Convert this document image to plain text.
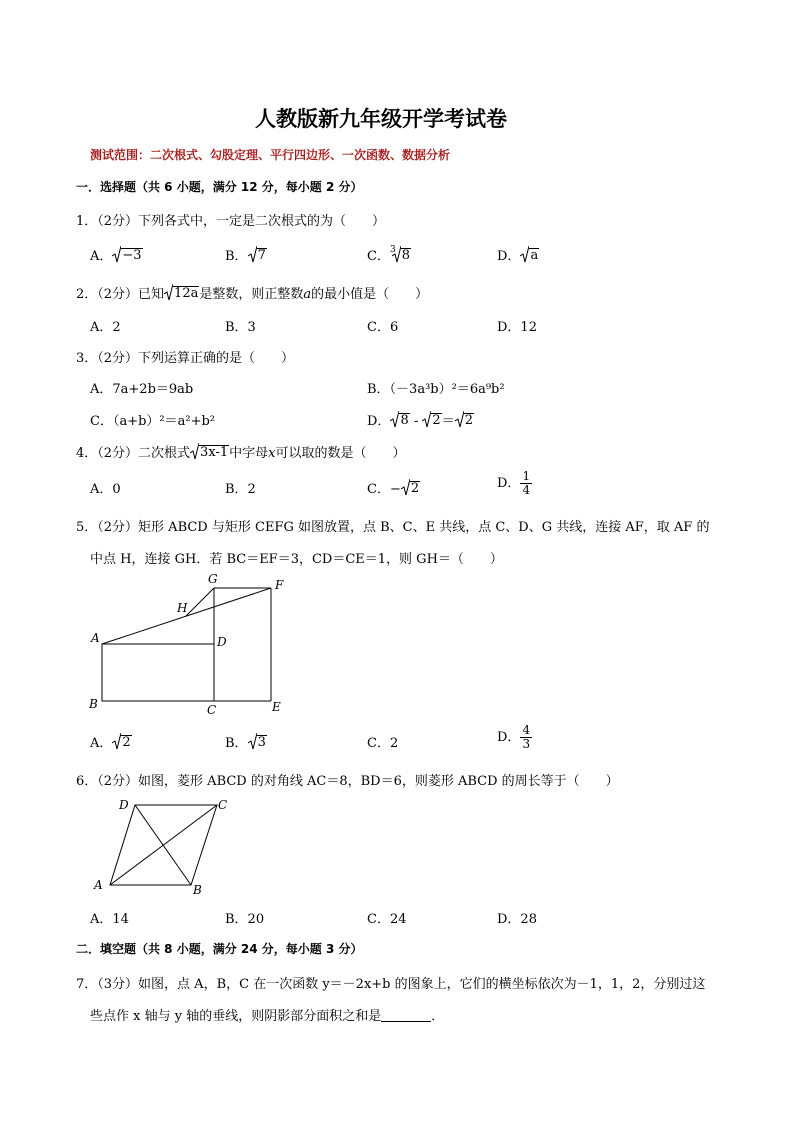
人教版新九年级开学考试卷
测试范围：二次根式、勾股定理、平行四边形、一次函数、数据分析
一．选择题（共 6 小题，满分 12 分，每小题 2 分）
1．（2分）下列各式中，一定是二次根式的为（　　）
A． −3	B． 7	C．$^3$ 8	D． a
2．（2分）已知 12a 是整数，则正整数a的最小值是（　　）
A．2	B．3	C．6	D．12
3．（2分）下列运算正确的是（　　）
A．7a+2b＝9ab	B．（－3a³b）²＝6a⁹b²
C．（a+b）²＝a²+b²	D． 8 - 2 ＝ 2
4．（2分）二次根式 3x-1 中字母x可以取的数是（　　）
A．0	B．2	C．− 2	D． $\frac{1}{4}$
5．（2分）矩形 ABCD 与矩形 CEFG 如图放置，点 B、C、E 共线，点 C、D、G 共线，连接 AF，取 AF 的
中点 H，连接 GH．若 BC＝EF＝3，CD＝CE＝1，则 GH＝（　　）
G	F
H
A	D
B	C	E
A． 2	B． 3	C．2	D． $\frac{4}{3}$
6．（2分）如图，菱形 ABCD 的对角线 AC＝8，BD＝6，则菱形 ABCD 的周长等于（　　）
D	C
A	B
A．14	B．20	C．24	D．28
二．填空题（共 8 小题，满分 24 分，每小题 3 分）
7．（3分）如图，点 A，B，C 在一次函数 y＝－2x+b 的图象上，它们的横坐标依次为－1，1，2，分别过这
些点作 x 轴与 y 轴的垂线，则阴影部分面积之和是	．
